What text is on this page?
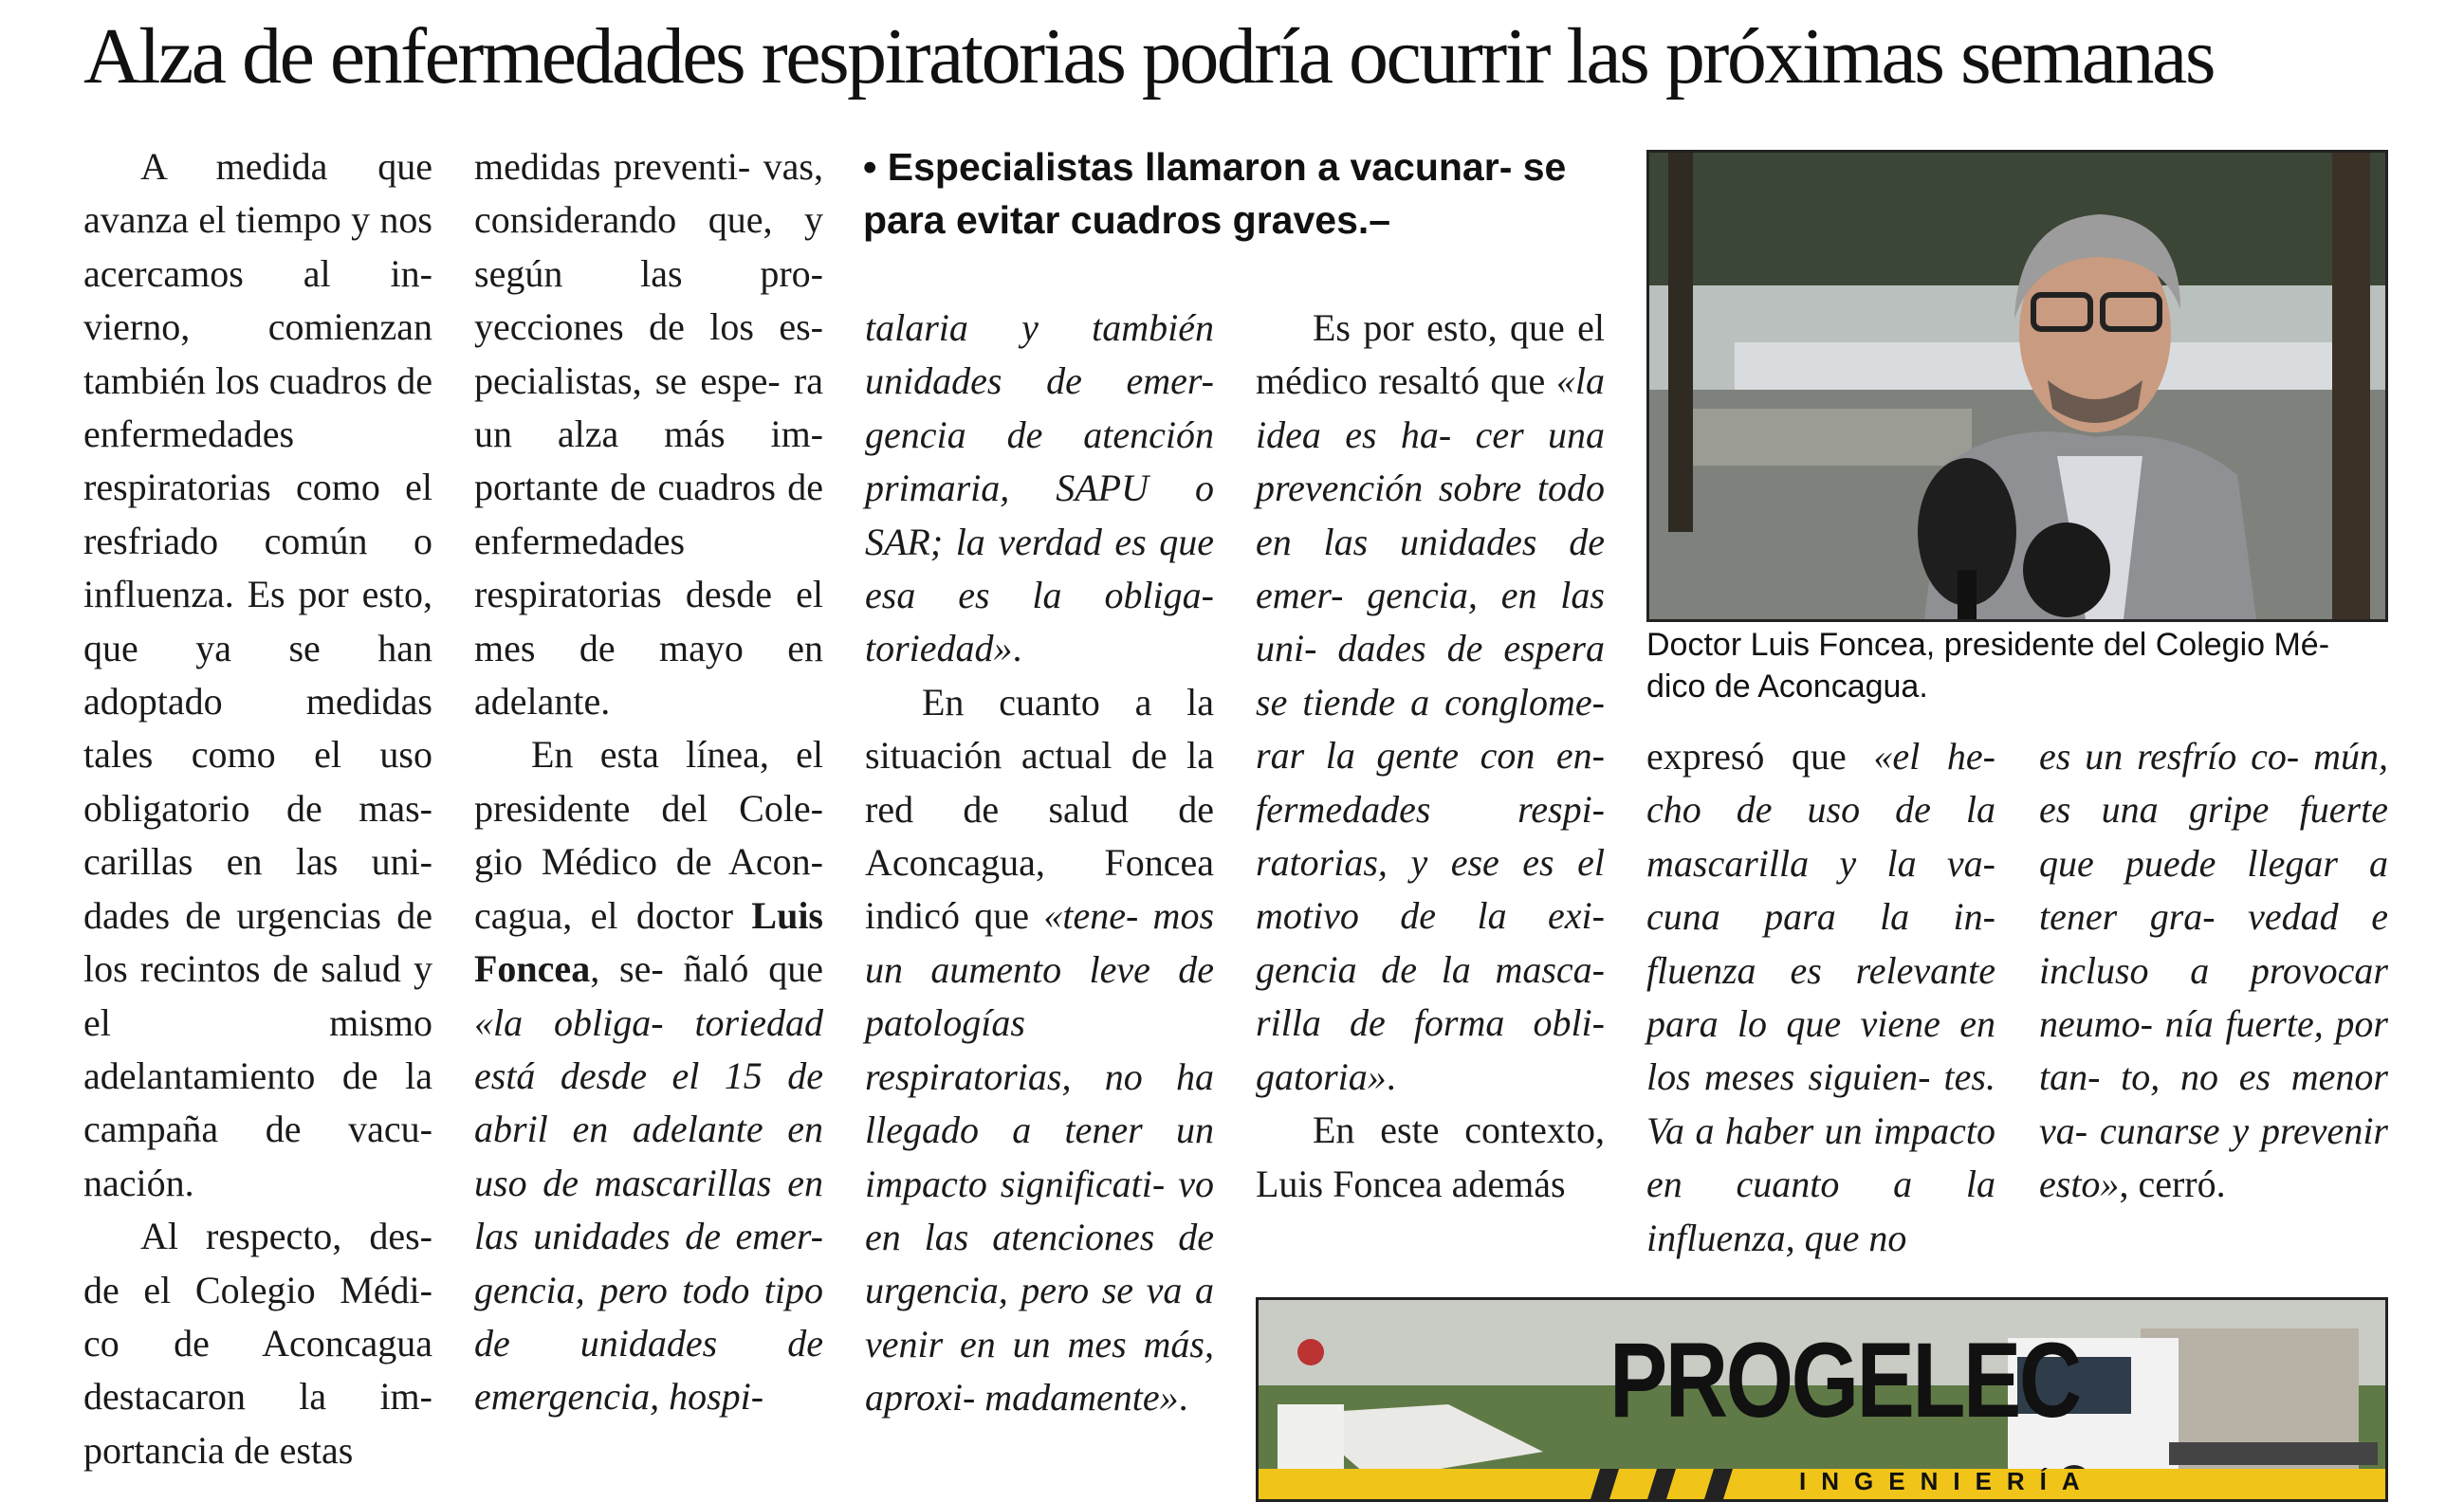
Alza de enfermedades respiratorias podría ocurrir las próximas semanas

A medida que avanza el tiempo y nos acercamos al in- vierno, comienzan también los cuadros de enfermedades respiratorias como el resfriado común o influenza. Es por esto, que ya se han adoptado medidas tales como el uso obligatorio de mas- carillas en las uni- dades de urgencias de los recintos de salud y el mismo adelantamiento de la campaña de vacu- nación.

Al respecto, des- de el Colegio Médi- co de Aconcagua destacaron la im- portancia de estas

medidas preventi- vas, considerando que, y según las pro- yecciones de los es- pecialistas, se espe- ra un alza más im- portante de cuadros de enfermedades respiratorias desde el mes de mayo en adelante.

En esta línea, el presidente del Cole- gio Médico de Acon- cagua, el doctor Luis Foncea, se- ñaló que «la obliga- toriedad está desde el 15 de abril en adelante en uso de mascarillas en las unidades de emer- gencia, pero todo tipo de unidades de emergencia, hospi-

• Especialistas llamaron a vacunar- se para evitar cuadros graves.–

talaria y también unidades de emer- gencia de atención primaria, SAPU o SAR; la verdad es que esa es la obliga- toriedad».

En cuanto a la situación actual de la red de salud de Aconcagua, Foncea indicó que «tene- mos un aumento leve de patologías respiratorias, no ha llegado a tener un impacto significati- vo en las atenciones de urgencia, pero se va a venir en un mes más, aproxi- madamente».

Es por esto, que el médico resaltó que «la idea es ha- cer una prevención sobre todo en las unidades de emer- gencia, en las uni- dades de espera se tiende a conglome- rar la gente con en- fermedades respi- ratorias, y ese es el motivo de la exi- gencia de la masca- rilla de forma obli- gatoria».

En este contexto, Luis Foncea además

Doctor Luis Foncea, presidente del Colegio Mé- dico de Aconcagua.

expresó que «el he- cho de uso de la mascarilla y la va- cuna para la in- fluenza es relevante para lo que viene en los meses siguien- tes. Va a haber un impacto en cuanto a la influenza, que no

es un resfrío co- mún, es una gripe fuerte que puede llegar a tener gra- vedad e incluso a provocar neumo- nía fuerte, por tan- to, no es menor va- cunarse y prevenir esto», cerró.

PROGELEC

INGENIERÍA
